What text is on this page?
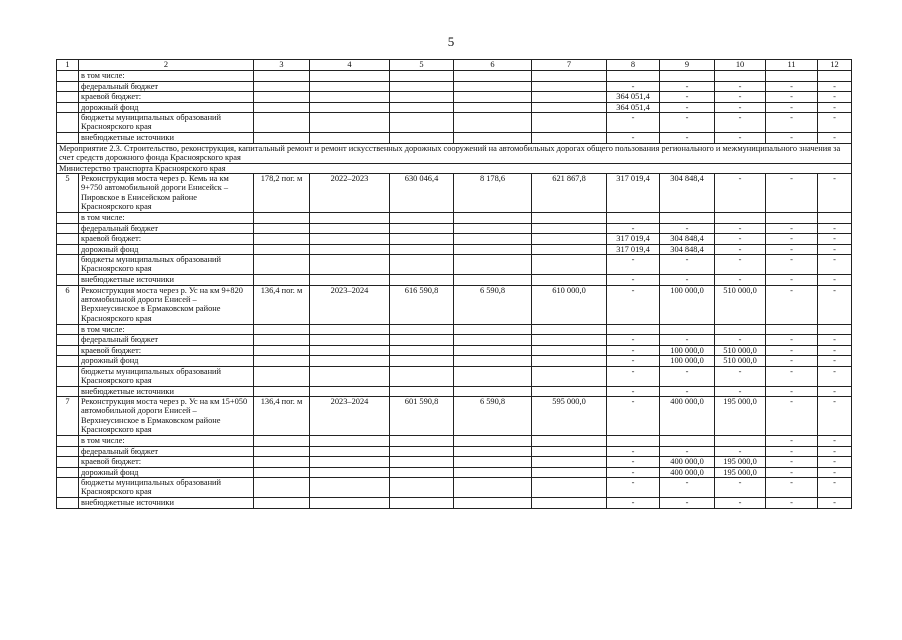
5
1	2	3	4	5	6	7	8	9	10	11	12
	в том числе:										
	федеральный бюджет						-	-	-	-	-
	краевой бюджет:						364 051,4	-	-	-	-
	дорожный фонд						364 051,4	-	-	-	-
	бюджеты муниципальных образований Красноярского края						-	-	-	-	-
	внебюджетные источники						-	-	-	-	-
Мероприятие 2.3. Строительство, реконструкция, капитальный ремонт и ремонт искусственных дорожных сооружений на автомобильных дорогах общего пользования регионального и межмуниципального значения за счет средств дорожного фонда Красноярского края											
Министерство транспорта Красноярского края											
5	Реконструкция моста через р. Кемь на км 9+750 автомобильной дороги Енисейск – Пировское в Енисейском районе Красноярского края	178,2 пог. м	2022–2023	630 046,4	8 178,6	621 867,8	317 019,4	304 848,4	-	-	-
	в том числе:										
	федеральный бюджет						-	-	-	-	-
	краевой бюджет:						317 019,4	304 848,4	-	-	-
	дорожный фонд						317 019,4	304 848,4	-	-	-
	бюджеты муниципальных образований Красноярского края						-	-	-	-	-
	внебюджетные источники						-	-	-	-	-
6	Реконструкция моста через р. Ус на км 9+820 автомобильной дороги Енисей – Верхнеусинское в Ермаковском районе Красноярского края	136,4 пог. м	2023–2024	616 590,8	6 590,8	610 000,0	-	100 000,0	510 000,0	-	-
	в том числе:										
	федеральный бюджет						-	-	-	-	-
	краевой бюджет:						-	100 000,0	510 000,0	-	-
	дорожный фонд						-	100 000,0	510 000,0	-	-
	бюджеты муниципальных образований Красноярского края						-	-	-	-	-
	внебюджетные источники						-	-	-	-	-
7	Реконструкция моста через р. Ус на км 15+050 автомобильной дороги Енисей – Верхнеусинское в Ермаковском районе Красноярского края	136,4 пог. м	2023–2024	601 590,8	6 590,8	595 000,0	-	400 000,0	195 000,0	-	-
	в том числе:									-	-
	федеральный бюджет						-	-	-	-	-
	краевой бюджет:						-	400 000,0	195 000,0	-	-
	дорожный фонд						-	400 000,0	195 000,0	-	-
	бюджеты муниципальных образований Красноярского края						-	-	-	-	-
	внебюджетные источники						-	-	-	-	-
